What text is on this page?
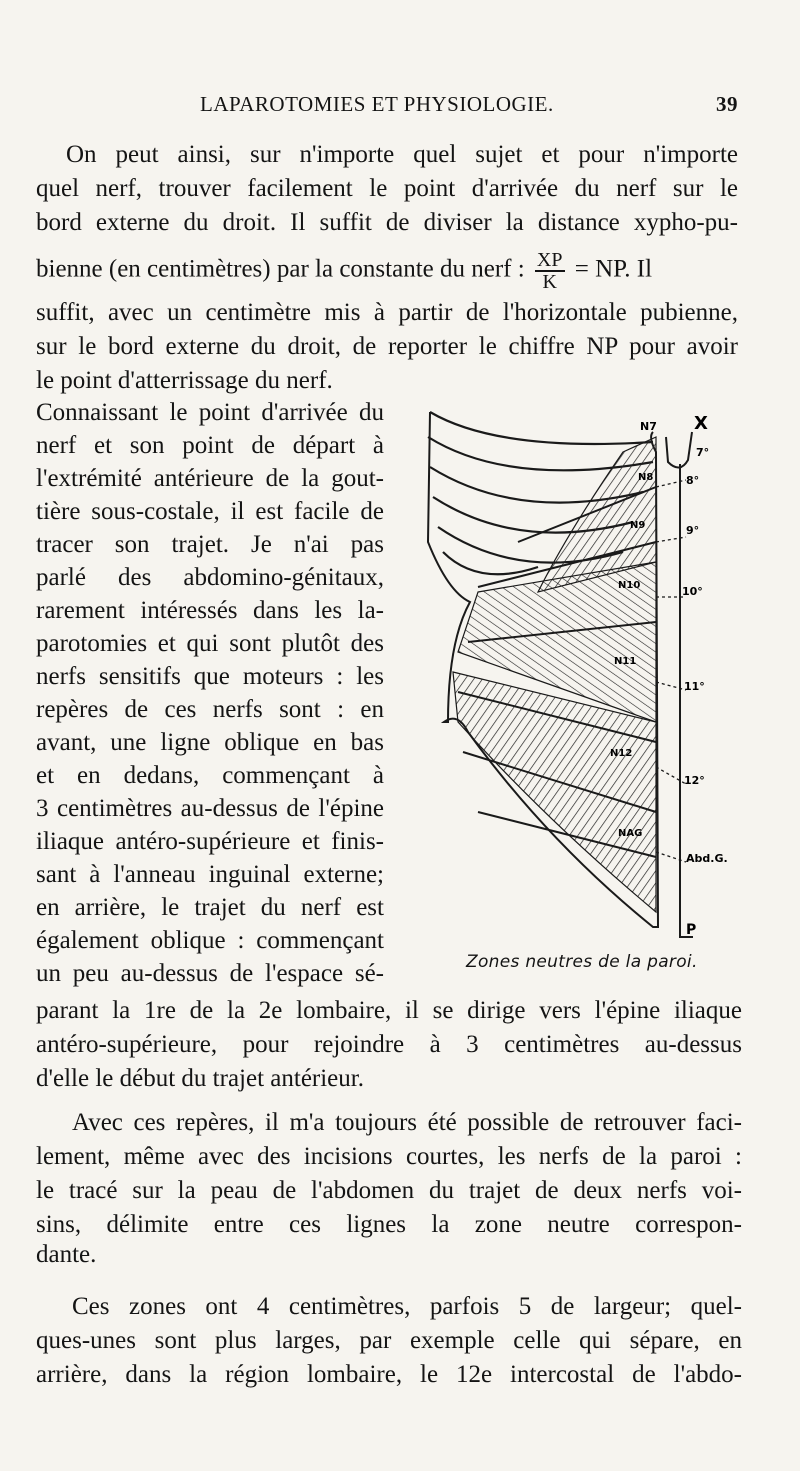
LAPAROTOMIES ET PHYSIOLOGIE.	39
On peut ainsi, sur n'importe quel sujet et pour n'importe
quel nerf, trouver facilement le point d'arrivée du nerf sur le
bord externe du droit. Il suffit de diviser la distance xypho-pu-
bienne (en centimètres) par la constante du nerf : $\frac{XP}{K}$ = NP. Il
suffit, avec un centimètre mis à partir de l'horizontale pubienne,
sur le bord externe du droit, de reporter le chiffre NP pour avoir
le point d'atterrissage du nerf.
Connaissant le point d'arrivée du
nerf et son point de départ à
l'extrémité antérieure de la gout-
tière sous-costale, il est facile de
tracer son trajet. Je n'ai pas
parlé des abdomino-génitaux,
rarement intéressés dans les la-
parotomies et qui sont plutôt des
nerfs sensitifs que moteurs : les
repères de ces nerfs sont : en
avant, une ligne oblique en bas
et en dedans, commençant à
3 centimètres au-dessus de l'épine
iliaque antéro-supérieure et finis-
sant à l'anneau inguinal externe;
en arrière, le trajet du nerf est
également oblique : commençant
un peu au-dessus de l'espace sé-
N7 X
P
7°
8°
9°
10°
11°
12°
Abd.G.
N8
N9
N10
N11
N12
NAG
Zones neutres de la paroi.
parant la 1re de la 2e lombaire, il se dirige vers l'épine iliaque
antéro-supérieure, pour rejoindre à 3 centimètres au-dessus
d'elle le début du trajet antérieur.
Avec ces repères, il m'a toujours été possible de retrouver faci-
lement, même avec des incisions courtes, les nerfs de la paroi :
le tracé sur la peau de l'abdomen du trajet de deux nerfs voi-
sins, délimite entre ces lignes la zone neutre correspon-
dante.
Ces zones ont 4 centimètres, parfois 5 de largeur; quel-
ques-unes sont plus larges, par exemple celle qui sépare, en
arrière, dans la région lombaire, le 12e intercostal de l'abdo-
